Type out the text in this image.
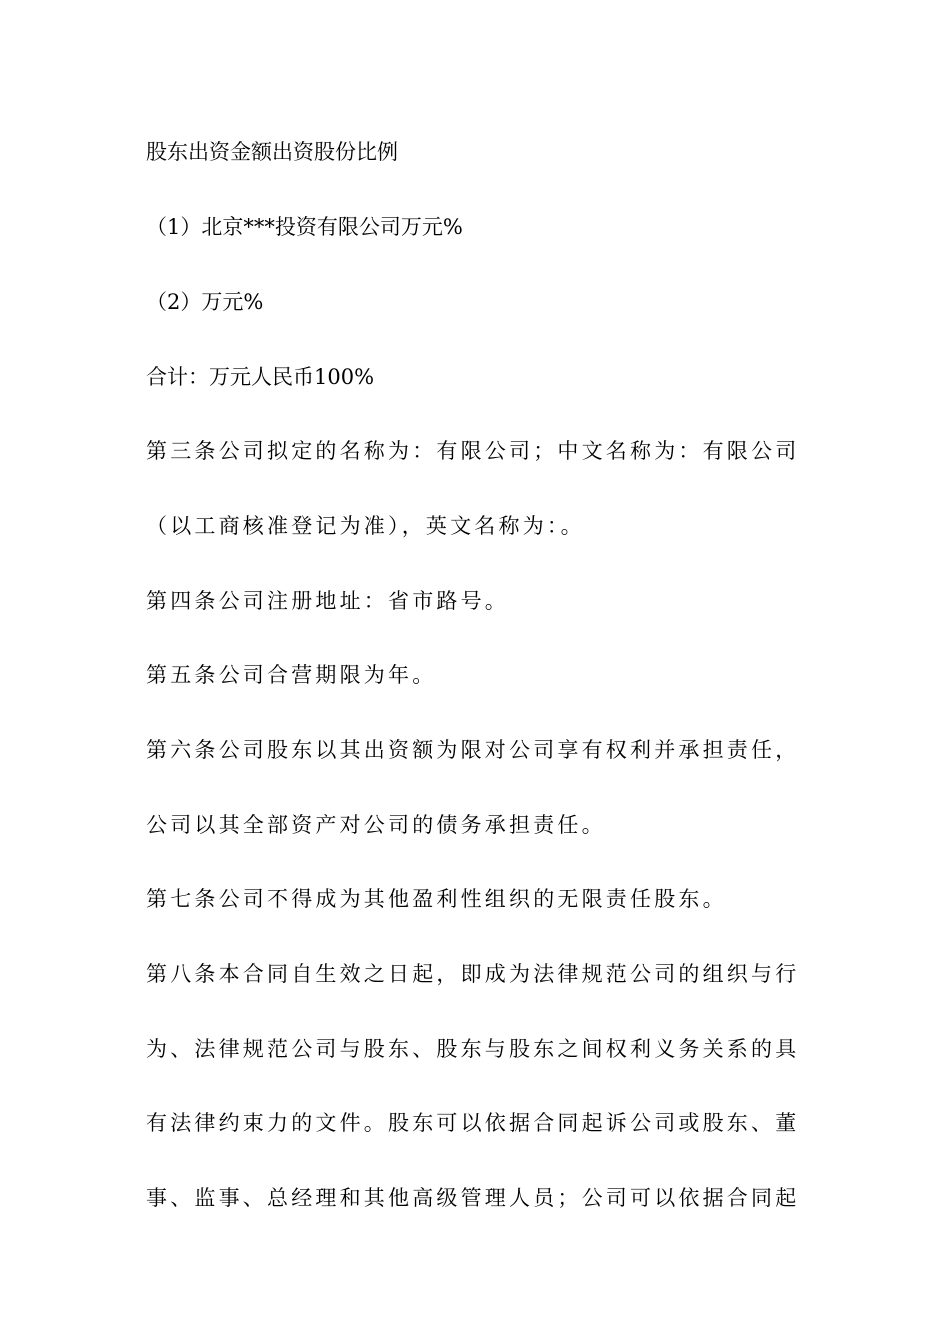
股东出资金额出资股份比例
（1）北京***投资有限公司万元%
（2）万元%
合计：万元人民币100%
第三条公司拟定的名称为：有限公司；中文名称为：有限公司
（以工商核准登记为准），英文名称为：。
第四条公司注册地址：省市路号。
第五条公司合营期限为年。
第六条公司股东以其出资额为限对公司享有权利并承担责任，
公司以其全部资产对公司的债务承担责任。
第七条公司不得成为其他盈利性组织的无限责任股东。
第八条本合同自生效之日起，即成为法律规范公司的组织与行
为、法律规范公司与股东、股东与股东之间权利义务关系的具
有法律约束力的文件。股东可以依据合同起诉公司或股东、董
事、监事、总经理和其他高级管理人员；公司可以依据合同起
